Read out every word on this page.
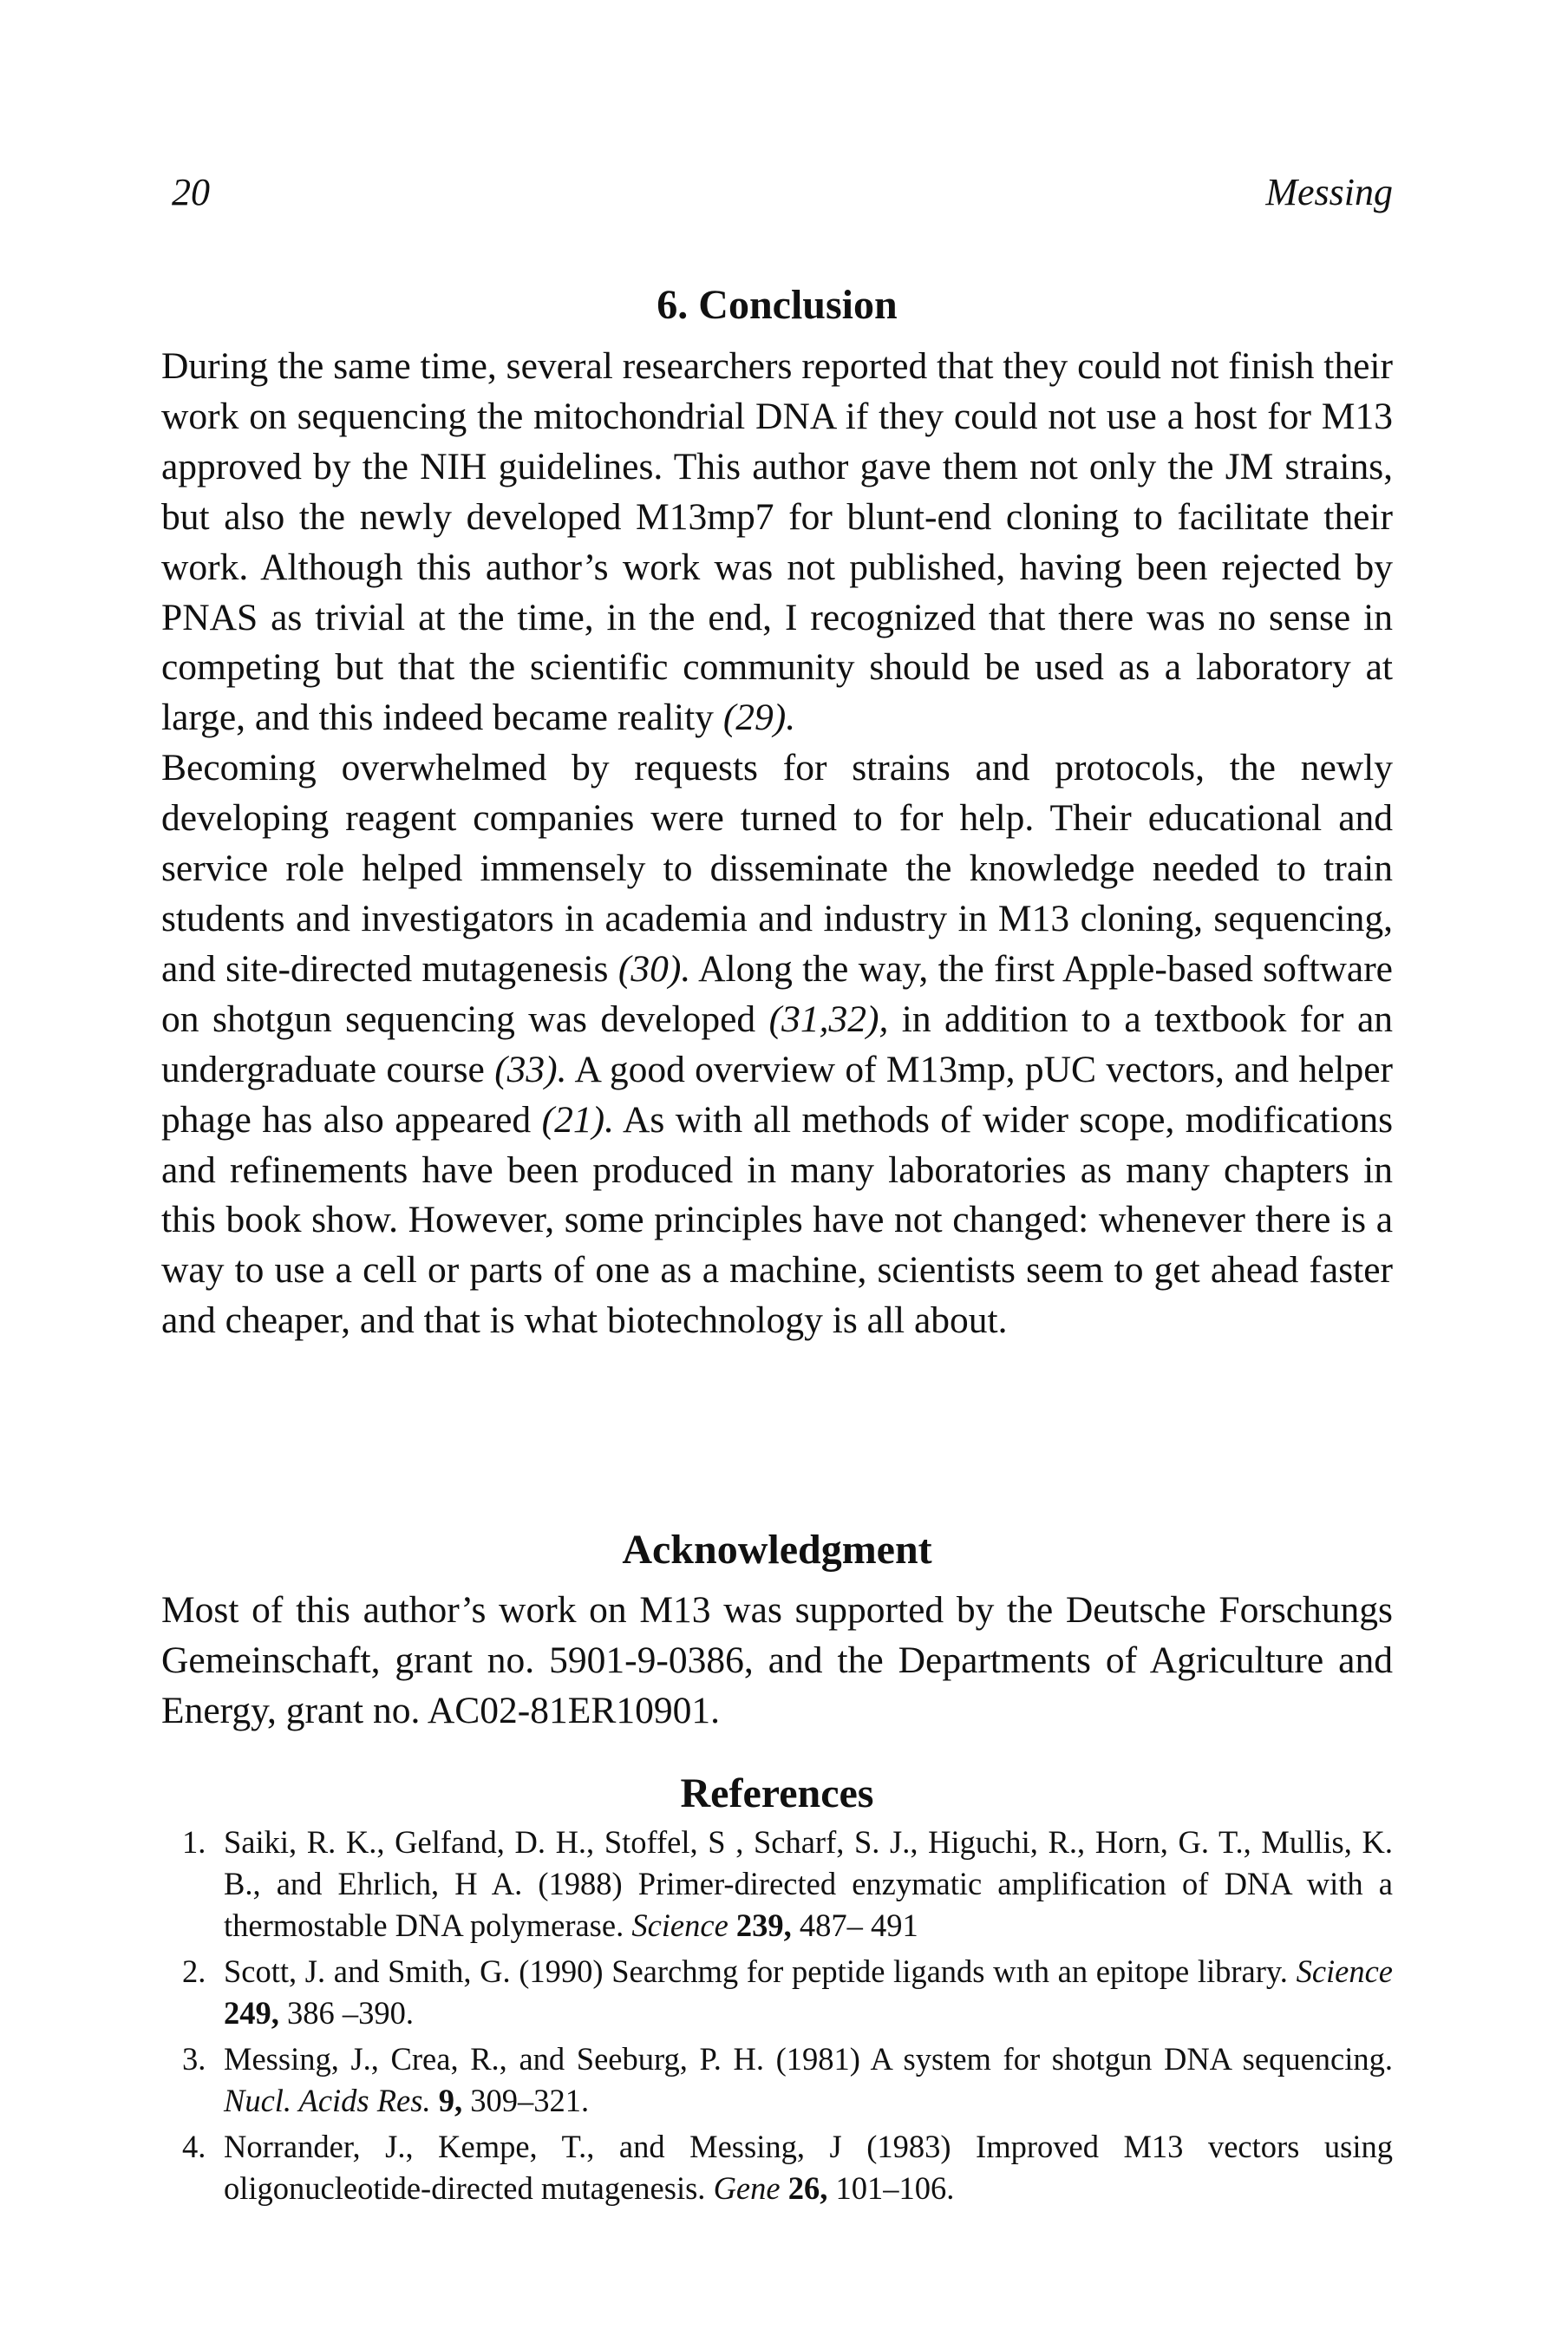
20	Messing
6. Conclusion

During the same time, several researchers reported that they could not finish their work on sequencing the mitochondrial DNA if they could not use a host for M13 approved by the NIH guidelines. This author gave them not only the JM strains, but also the newly developed M13mp7 for blunt-end cloning to facilitate their work. Although this author’s work was not published, having been rejected by PNAS as trivial at the time, in the end, I recognized that there was no sense in competing but that the scientific community should be used as a laboratory at large, and this indeed became reality (29).

Becoming overwhelmed by requests for strains and protocols, the newly developing reagent companies were turned to for help. Their educational and service role helped immensely to disseminate the knowledge needed to train students and investigators in academia and industry in M13 cloning, sequencing, and site-directed mutagenesis (30). Along the way, the first Apple-based software on shotgun sequencing was developed (31,32), in addition to a textbook for an undergraduate course (33). A good overview of M13mp, pUC vectors, and helper phage has also appeared (21). As with all methods of wider scope, modifications and refinements have been produced in many laboratories as many chapters in this book show. However, some principles have not changed: whenever there is a way to use a cell or parts of one as a machine, scientists seem to get ahead faster and cheaper, and that is what biotechnology is all about.

Acknowledgment

Most of this author’s work on M13 was supported by the Deutsche Forschungs Gemeinschaft, grant no. 5901-9-0386, and the Departments of Agriculture and Energy, grant no. AC02-81ER10901.

References
1. Saiki, R. K., Gelfand, D. H., Stoffel, S , Scharf, S. J., Higuchi, R., Horn, G. T., Mullis, K. B., and Ehrlich, H A. (1988) Primer-directed enzymatic amplification of DNA with a thermostable DNA polymerase. Science 239, 487– 491
2. Scott, J. and Smith, G. (1990) Searchmg for peptide ligands wıth an epitope library. Science 249, 386 –390.
3. Messing, J., Crea, R., and Seeburg, P. H. (1981) A system for shotgun DNA sequencing. Nucl. Acids Res. 9, 309–321.
4. Norrander, J., Kempe, T., and Messing, J (1983) Improved M13 vectors using oligonucleotide-directed mutagenesis. Gene 26, 101–106.
